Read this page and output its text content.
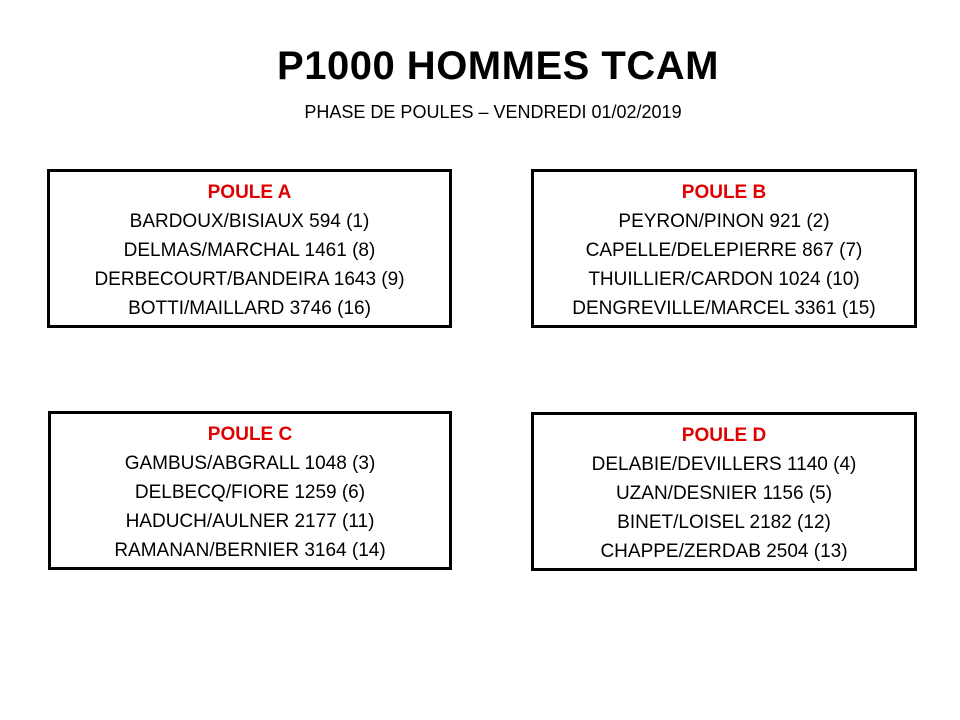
P1000 HOMMES TCAM
PHASE DE POULES – VENDREDI 01/02/2019
POULE A
BARDOUX/BISIAUX 594 (1)
DELMAS/MARCHAL 1461 (8)
DERBECOURT/BANDEIRA 1643 (9)
BOTTI/MAILLARD 3746 (16)
POULE B
PEYRON/PINON 921 (2)
CAPELLE/DELEPIERRE 867 (7)
THUILLIER/CARDON 1024 (10)
DENGREVILLE/MARCEL 3361 (15)
POULE C
GAMBUS/ABGRALL 1048 (3)
DELBECQ/FIORE 1259 (6)
HADUCH/AULNER 2177 (11)
RAMANAN/BERNIER 3164 (14)
POULE D
DELABIE/DEVILLERS 1140 (4)
UZAN/DESNIER 1156 (5)
BINET/LOISEL 2182 (12)
CHAPPE/ZERDAB 2504 (13)
